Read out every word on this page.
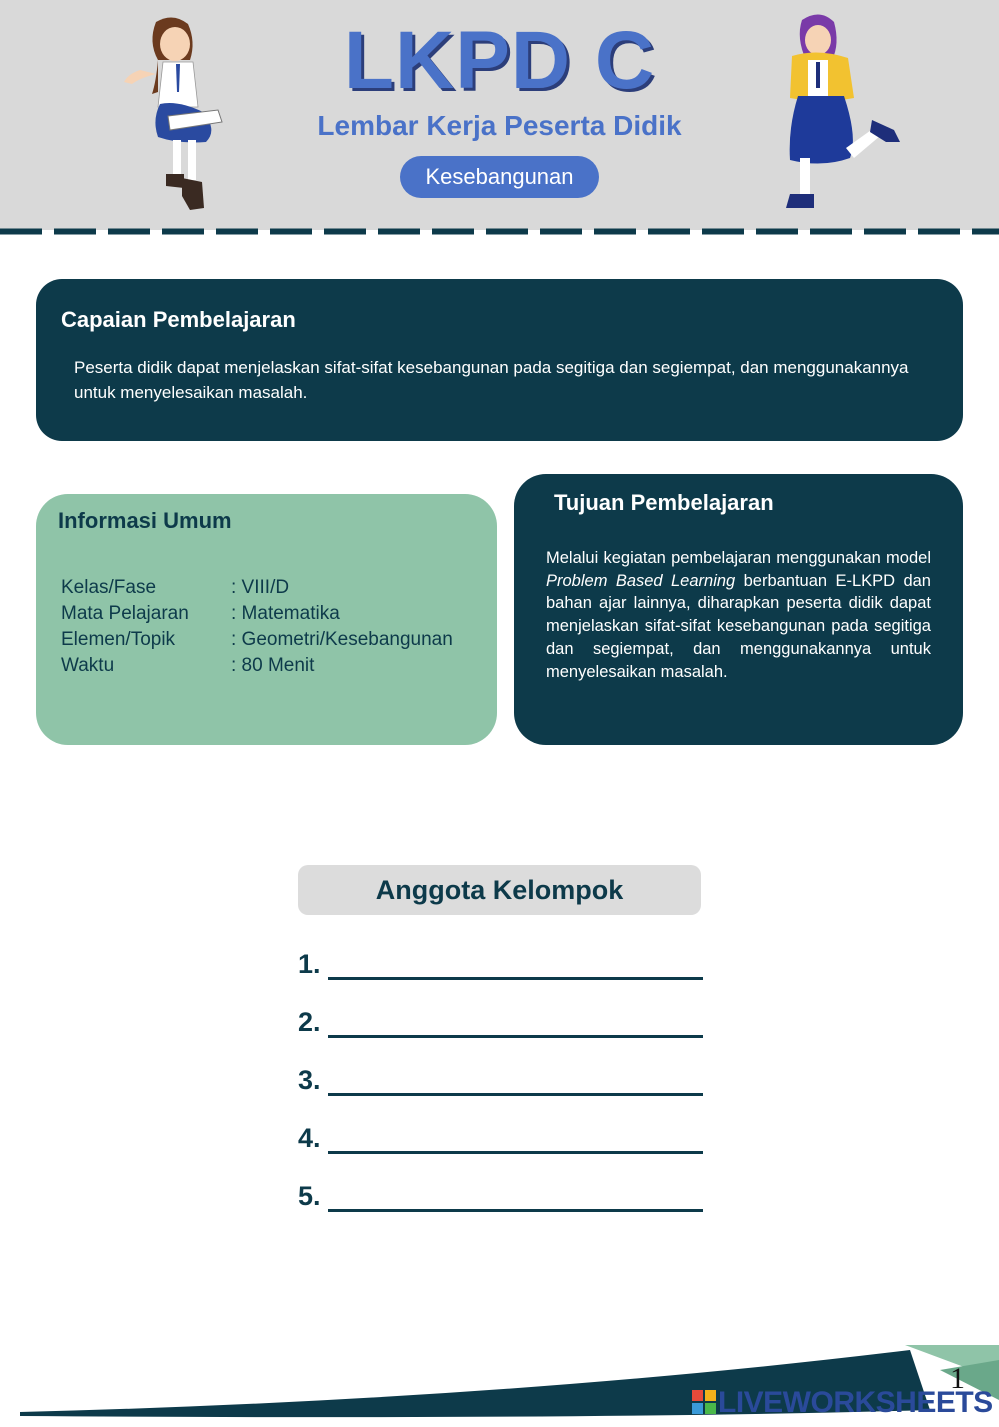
LKPD C
Lembar Kerja Peserta Didik
Kesebangunan
Capaian Pembelajaran

Peserta didik dapat menjelaskan sifat-sifat kesebangunan pada segitiga dan segiempat, dan menggunakannya untuk menyelesaikan masalah.

Informasi Umum
Kelas/Fase	: VIII/D
Mata Pelajaran : Matematika
Elemen/Topik	: Geometri/Kesebangunan
Waktu	: 80 Menit
Tujuan Pembelajaran

Melalui kegiatan pembelajaran menggunakan model Problem Based Learning berbantuan E-LKPD dan bahan ajar lainnya, diharapkan peserta didik dapat menjelaskan sifat-sifat kesebangunan pada segitiga dan segiempat, dan menggunakannya untuk menyelesaikan masalah.

Anggota Kelompok
1.
2.
3.
4.
5.
1
LIVEWORKSHEETS
